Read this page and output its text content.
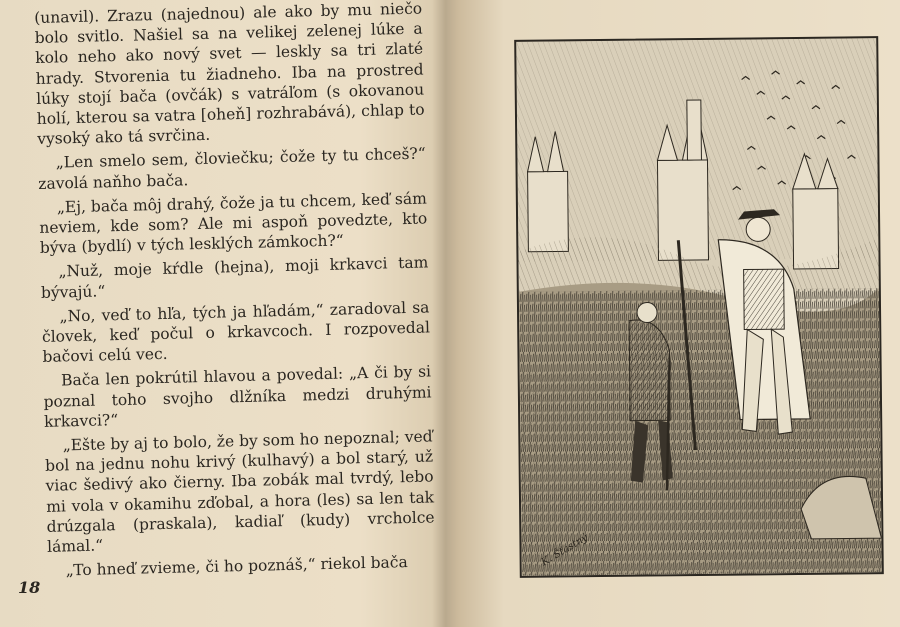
(unavil). Zrazu (najednou) ale ako by mu niečo bolo svitlo. Našiel sa na velikej zelenej lúke a kolo neho ako nový svet — leskly sa tri zlaté hrady. Stvorenia tu žiadneho. Iba na prostred lúky stojí bača (ovčák) s vatráľom (s okovanou holí, kterou sa vatra [oheň] rozhrabává), chlap to vysoký ako tá svrčina.

„Len smelo sem, človiečku; čože ty tu chceš?“ zavolá naňho bača.

„Ej, bača môj drahý, čože ja tu chcem, keď sám neviem, kde som? Ale mi aspoň povedzte, kto býva (bydlí) v tých lesklých zámkoch?“

„Nuž, moje kŕdle (hejna), moji krkavci tam bývajú.“

„No, veď to hľa, tých ja hľadám,“ zaradoval sa človek, keď počul o krkavcoch. I rozpovedal bačovi celú vec.

Bača len pokrútil hlavou a povedal: „A či by si poznal toho svojho dlžníka medzi druhými krkavci?“

„Ešte by aj to bolo, že by som ho nepoznal; veď bol na jednu nohu krivý (kulhavý) a bol starý, už viac šedivý ako čierny. Iba zobák mal tvrdý, lebo mi vola v okamihu zďobal, a hora (les) sa len tak drúzgala (praskala), kadiaľ (kudy) vrcholce lámal.“

„To hneď zvieme, či ho poznáš,“ riekol bača

18
K. Šťastný
